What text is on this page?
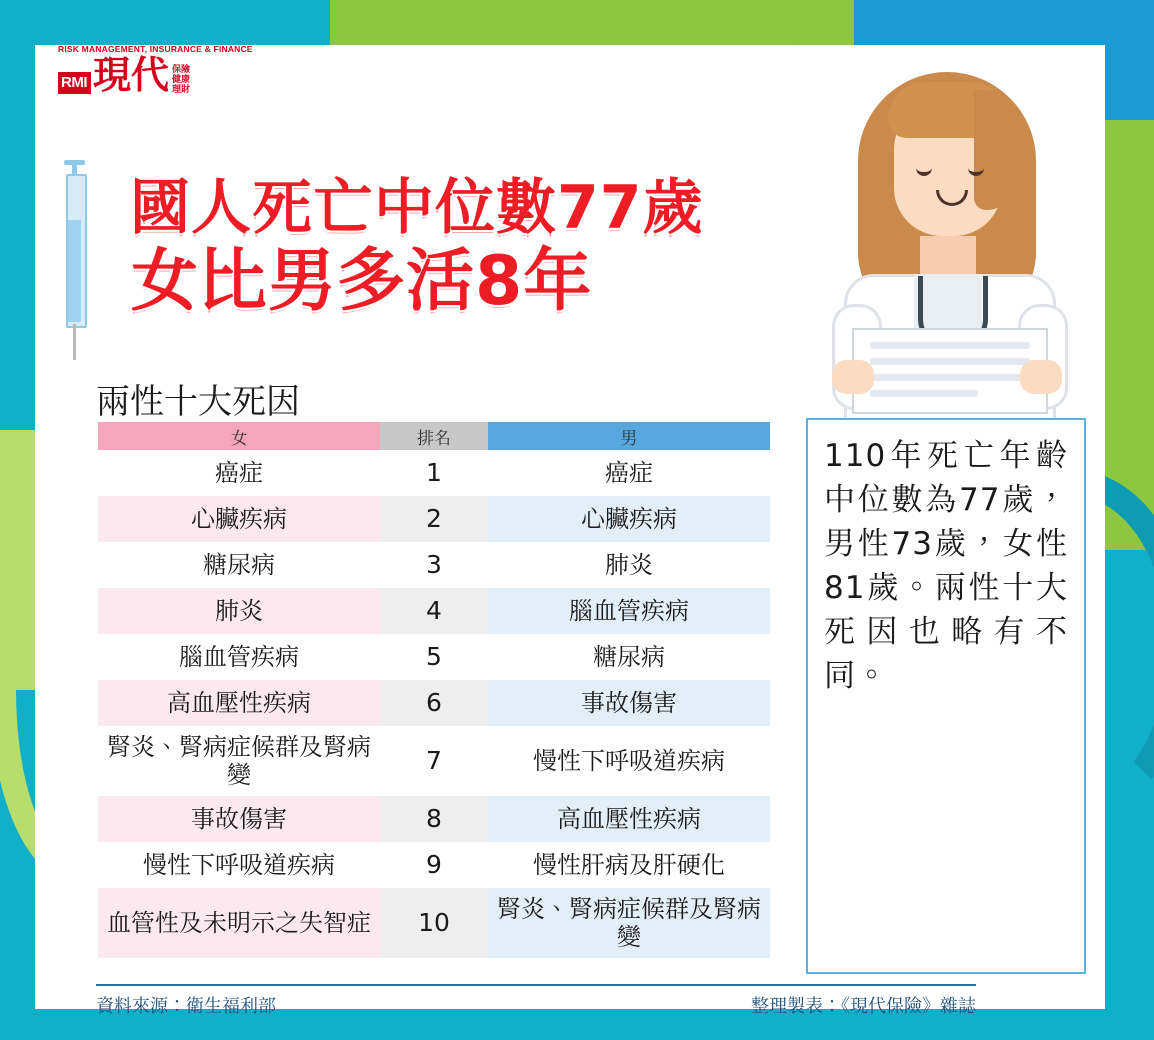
RISK MANAGEMENT, INSURANCE & FINANCE
RMI 現代 保險
健康
理財
國人死亡中位數77歲
女比男多活8年
兩性十大死因
女	排名	男
癌症	1	癌症
心臟疾病	2	心臟疾病
糖尿病	3	肺炎
肺炎	4	腦血管疾病
腦血管疾病	5	糖尿病
高血壓性疾病	6	事故傷害
腎炎、腎病症候群及腎病變	7	慢性下呼吸道疾病
事故傷害	8	高血壓性疾病
慢性下呼吸道疾病	9	慢性肝病及肝硬化
血管性及未明示之失智症	10	腎炎、腎病症候群及腎病變
110年死亡年齡中位數為77歲，男性73歲，女性81歲。兩性十大死因也略有不同。
資料來源：衛生福利部	整理製表：《現代保險》雜誌
